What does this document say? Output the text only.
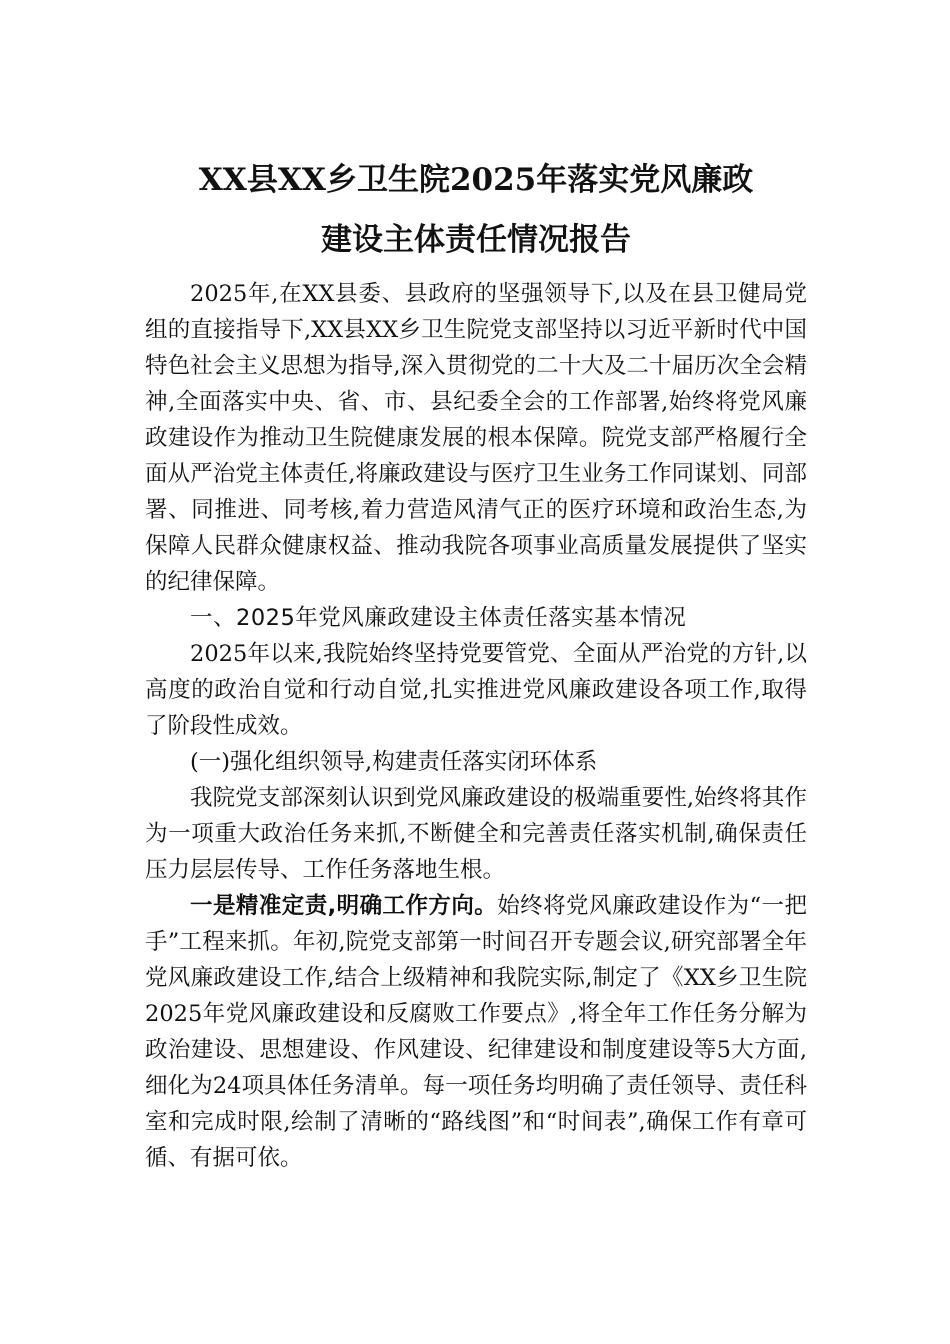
XX县XX乡卫生院2025年落实党风廉政
建设主体责任情况报告

2025年,在XX县委、县政府的坚强领导下,以及在县卫健局党组的直接指导下,XX县XX乡卫生院党支部坚持以习近平新时代中国特色社会主义思想为指导,深入贯彻党的二十大及二十届历次全会精神,全面落实中央、省、市、县纪委全会的工作部署,始终将党风廉政建设作为推动卫生院健康发展的根本保障。院党支部严格履行全面从严治党主体责任,将廉政建设与医疗卫生业务工作同谋划、同部署、同推进、同考核,着力营造风清气正的医疗环境和政治生态,为保障人民群众健康权益、推动我院各项事业高质量发展提供了坚实的纪律保障。

一、2025年党风廉政建设主体责任落实基本情况

2025年以来,我院始终坚持党要管党、全面从严治党的方针,以高度的政治自觉和行动自觉,扎实推进党风廉政建设各项工作,取得了阶段性成效。

(一)强化组织领导,构建责任落实闭环体系

我院党支部深刻认识到党风廉政建设的极端重要性,始终将其作为一项重大政治任务来抓,不断健全和完善责任落实机制,确保责任压力层层传导、工作任务落地生根。

一是精准定责,明确工作方向。始终将党风廉政建设作为“一把手”工程来抓。年初,院党支部第一时间召开专题会议,研究部署全年党风廉政建设工作,结合上级精神和我院实际,制定了《XX乡卫生院2025年党风廉政建设和反腐败工作要点》,将全年工作任务分解为政治建设、思想建设、作风建设、纪律建设和制度建设等5大方面,细化为24项具体任务清单。每一项任务均明确了责任领导、责任科室和完成时限,绘制了清晰的“路线图”和“时间表”,确保工作有章可循、有据可依。
